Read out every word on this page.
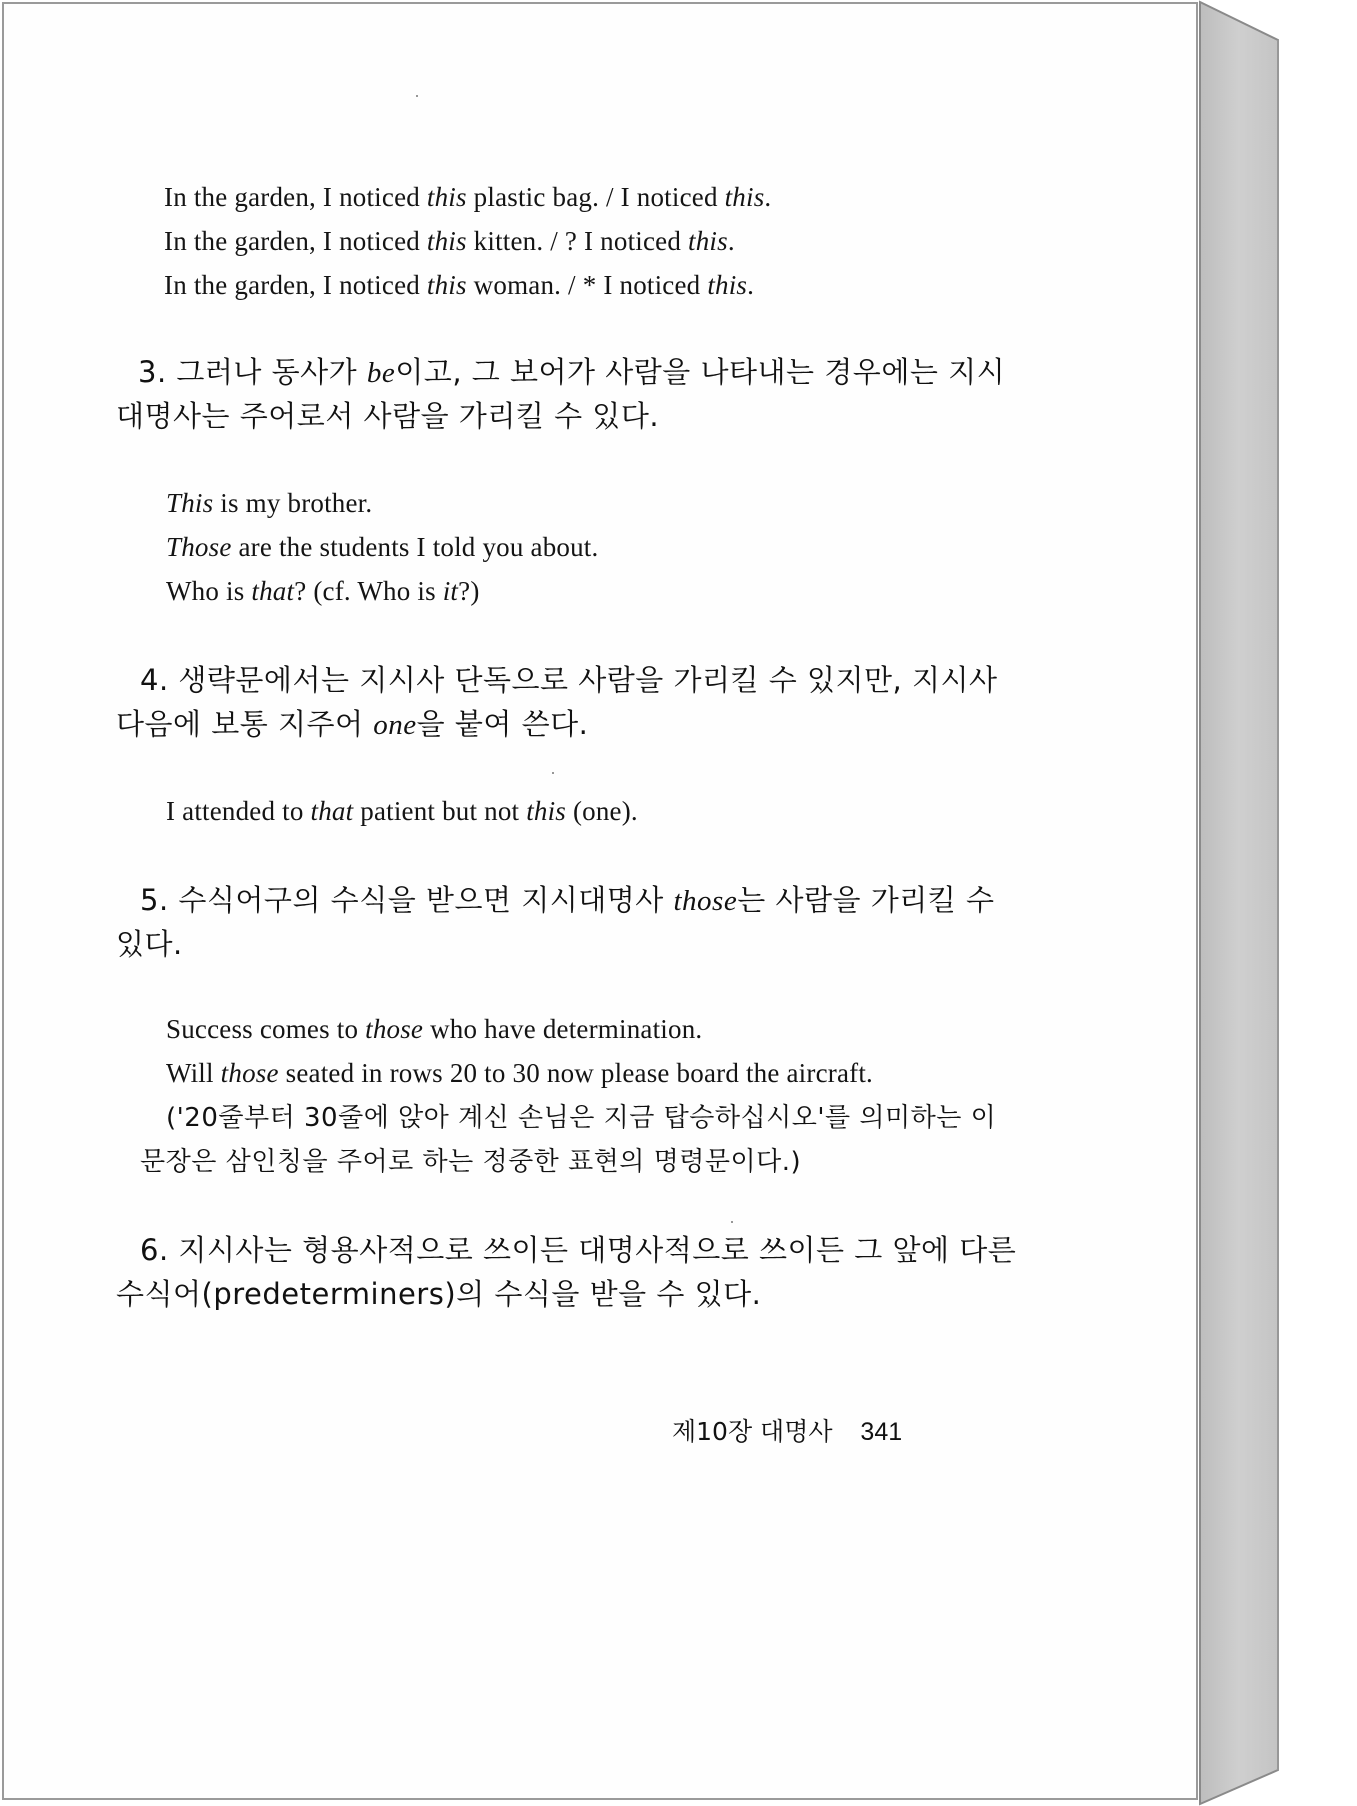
In the garden, I noticed this plastic bag. / I noticed this.
In the garden, I noticed this kitten. / ? I noticed this.
In the garden, I noticed this woman. / * I noticed this.
3. 그러나 동사가 be이고, 그 보어가 사람을 나타내는 경우에는 지시
대명사는 주어로서 사람을 가리킬 수 있다.
This is my brother.
Those are the students I told you about.
Who is that? (cf. Who is it?)
4. 생략문에서는 지시사 단독으로 사람을 가리킬 수 있지만, 지시사
다음에 보통 지주어 one을 붙여 쓴다.
I attended to that patient but not this (one).
5. 수식어구의 수식을 받으면 지시대명사 those는 사람을 가리킬 수
있다.
Success comes to those who have determination.
Will those seated in rows 20 to 30 now please board the aircraft.
('20줄부터 30줄에 앉아 계신 손님은 지금 탑승하십시오'를 의미하는 이
문장은 삼인칭을 주어로 하는 정중한 표현의 명령문이다.)
6. 지시사는 형용사적으로 쓰이든 대명사적으로 쓰이든 그 앞에 다른
수식어(predeterminers)의 수식을 받을 수 있다.
제10장 대명사 341
